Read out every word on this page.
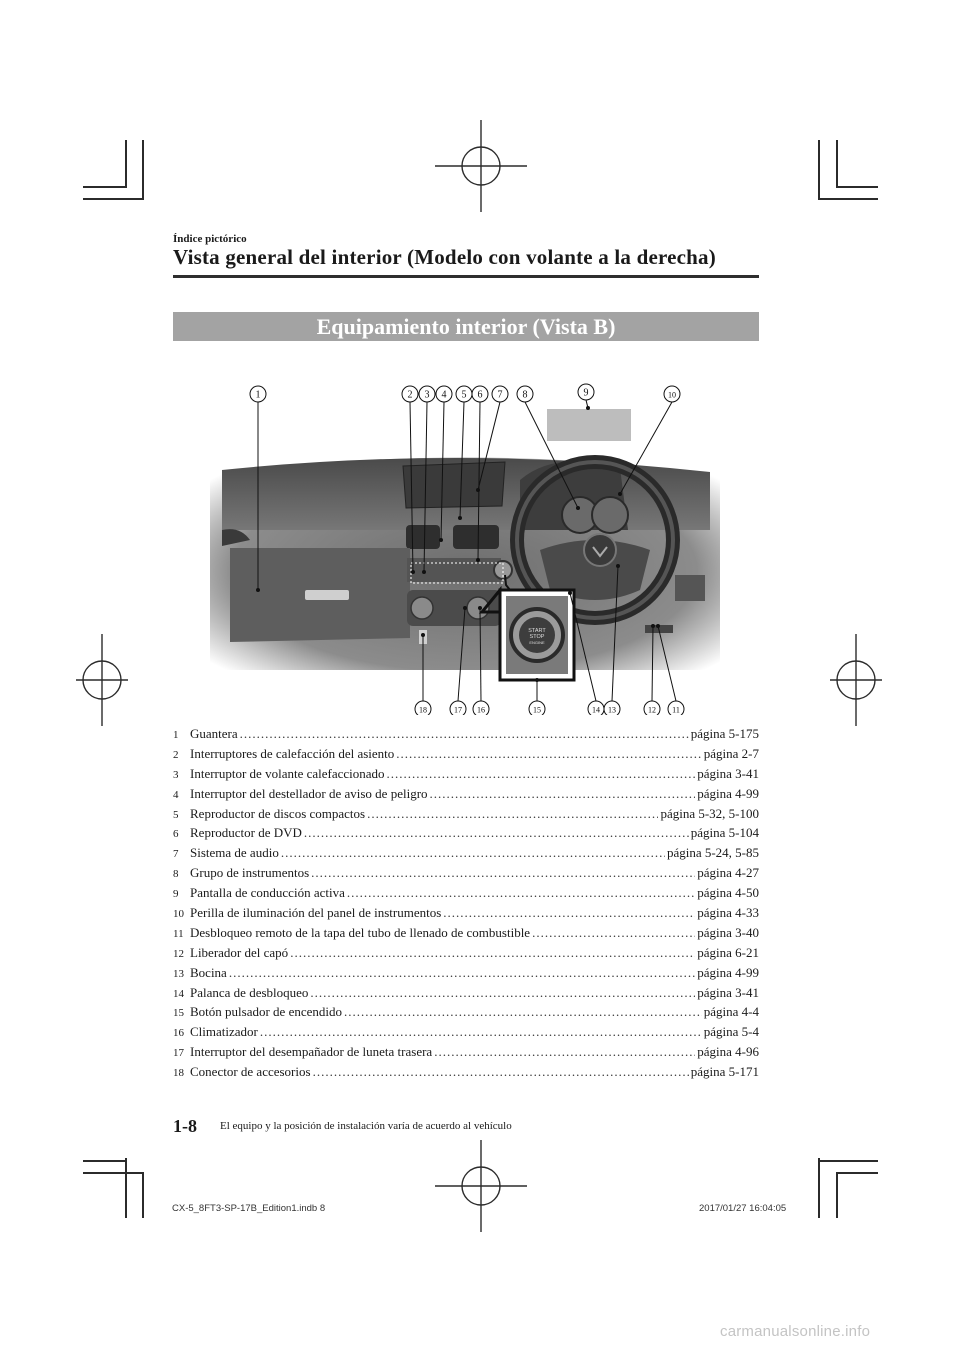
Índice pictórico
Vista general del interior (Modelo con volante a la derecha)
Equipamiento interior (Vista B)
START
STOP
ENGINE
1	2 3 4 5 6 7 8	9	10
11
12
13
14
15
16
17
18
1 Guantera .....	página 5-175
2 Interruptores de calefacción del asiento .....	página 2-7
3 Interruptor de volante calefaccionado .....	página 3-41
4 Interruptor del destellador de aviso de peligro .....	página 4-99
5 Reproductor de discos compactos .....	página 5-32, 5-100
6 Reproductor de DVD .....	página 5-104
7 Sistema de audio .....	página 5-24, 5-85
8 Grupo de instrumentos .....	página 4-27
9 Pantalla de conducción activa .....	página 4-50
10 Perilla de iluminación del panel de instrumentos .....	página 4-33
11 Desbloqueo remoto de la tapa del tubo de llenado de combustible .....	página 3-40
12 Liberador del capó .....	página 6-21
13 Bocina .....	página 4-99
14 Palanca de desbloqueo .....	página 3-41
15 Botón pulsador de encendido .....	página 4-4
16 Climatizador .....	página 5-4
17 Interruptor del desempañador de luneta trasera .....	página 4-96
18 Conector de accesorios .....	página 5-171
1-8 El equipo y la posición de instalación varía de acuerdo al vehículo
CX-5_8FT3-SP-17B_Edition1.indb 8	2017/01/27 16:04:05
carmanualsonline.info
